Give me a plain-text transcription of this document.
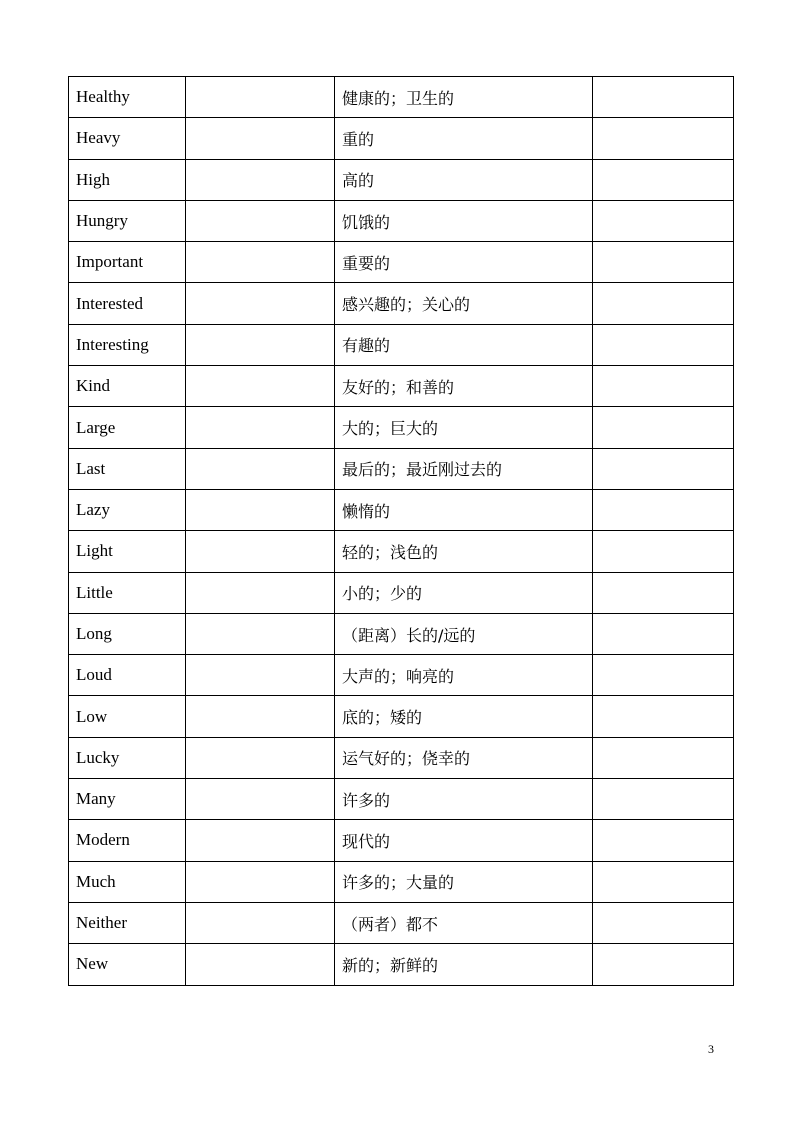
Healthy		健康的；卫生的	
Heavy		重的	
High		高的	
Hungry		饥饿的	
Important		重要的	
Interested		感兴趣的；关心的	
Interesting		有趣的	
Kind		友好的；和善的	
Large		大的；巨大的	
Last		最后的；最近刚过去的	
Lazy		懒惰的	
Light		轻的；浅色的	
Little		小的；少的	
Long		（距离）长的/远的	
Loud		大声的；响亮的	
Low		底的；矮的	
Lucky		运气好的；侥幸的	
Many		许多的	
Modern		现代的	
Much		许多的；大量的	
Neither		（两者）都不	
New		新的；新鲜的	
3
